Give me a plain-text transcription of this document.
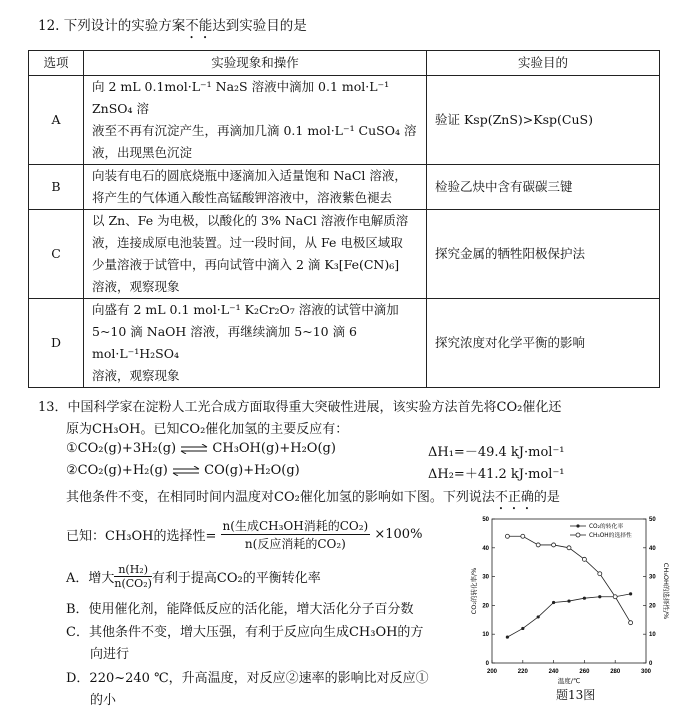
12. 下列设计的实验方案不能达到实验目的是
选项	实验现象和操作	实验目的
A	向 2 mL 0.1mol·L⁻¹ Na₂S 溶液中滴加 0.1 mol·L⁻¹ ZnSO₄ 溶
液至不再有沉淀产生，再滴加几滴 0.1 mol·L⁻¹ CuSO₄ 溶
液，出现黑色沉淀	验证 Ksp(ZnS)>Ksp(CuS)
B	向装有电石的圆底烧瓶中逐滴加入适量饱和 NaCl 溶液，
将产生的气体通入酸性高锰酸钾溶液中，溶液紫色褪去	检验乙炔中含有碳碳三键
C	以 Zn、Fe 为电极，以酸化的 3% NaCl 溶液作电解质溶
液，连接成原电池装置。过一段时间，从 Fe 电极区域取
少量溶液于试管中，再向试管中滴入 2 滴 K₃[Fe(CN)₆]
溶液，观察现象	探究金属的牺牲阳极保护法
D	向盛有 2 mL 0.1 mol·L⁻¹ K₂Cr₂O₇ 溶液的试管中滴加
5~10 滴 NaOH 溶液，再继续滴加 5~10 滴 6 mol·L⁻¹H₂SO₄
溶液，观察现象	探究浓度对化学平衡的影响
13．中国科学家在淀粉人工光合成方面取得重大突破性进展，该实验方法首先将CO₂催化还
原为CH₃OH。已知CO₂催化加氢的主要反应有：
①CO₂(g)+3H₂(g) ⇌ CH₃OH(g)+H₂O(g)	ΔH₁=－49.4 kJ·mol⁻¹
②CO₂(g)+H₂(g) ⇌ CO(g)+H₂O(g)	ΔH₂=＋41.2 kJ·mol⁻¹
其他条件不变，在相同时间内温度对CO₂催化加氢的影响如下图。下列说法不正确的是
已知：CH₃OH的选择性= $\frac{\text{n(生成CH₃OH消耗的CO₂)}}{\text{n(反应消耗的CO₂)}} \times 100\%$
A．增大 $\frac{\text{n(H₂)}}{\text{n(CO₂)}}$ 有利于提高CO₂的平衡转化率
B．使用催化剂，能降低反应的活化能，增大活化分子百分数
C．其他条件不变，增大压强，有利于反应向生成CH₃OH的方
向进行
D．220~240 ℃，升高温度，对反应②速率的影响比对反应①
的小
200	220	240	260	280	300
0	0
10	10
20	20
30	30
40	40
50	50
温度/℃
CO₂的转化率/%	CH₃OH的选择性/%
CO₂的转化率
CH₃OH的选择性
题13图
